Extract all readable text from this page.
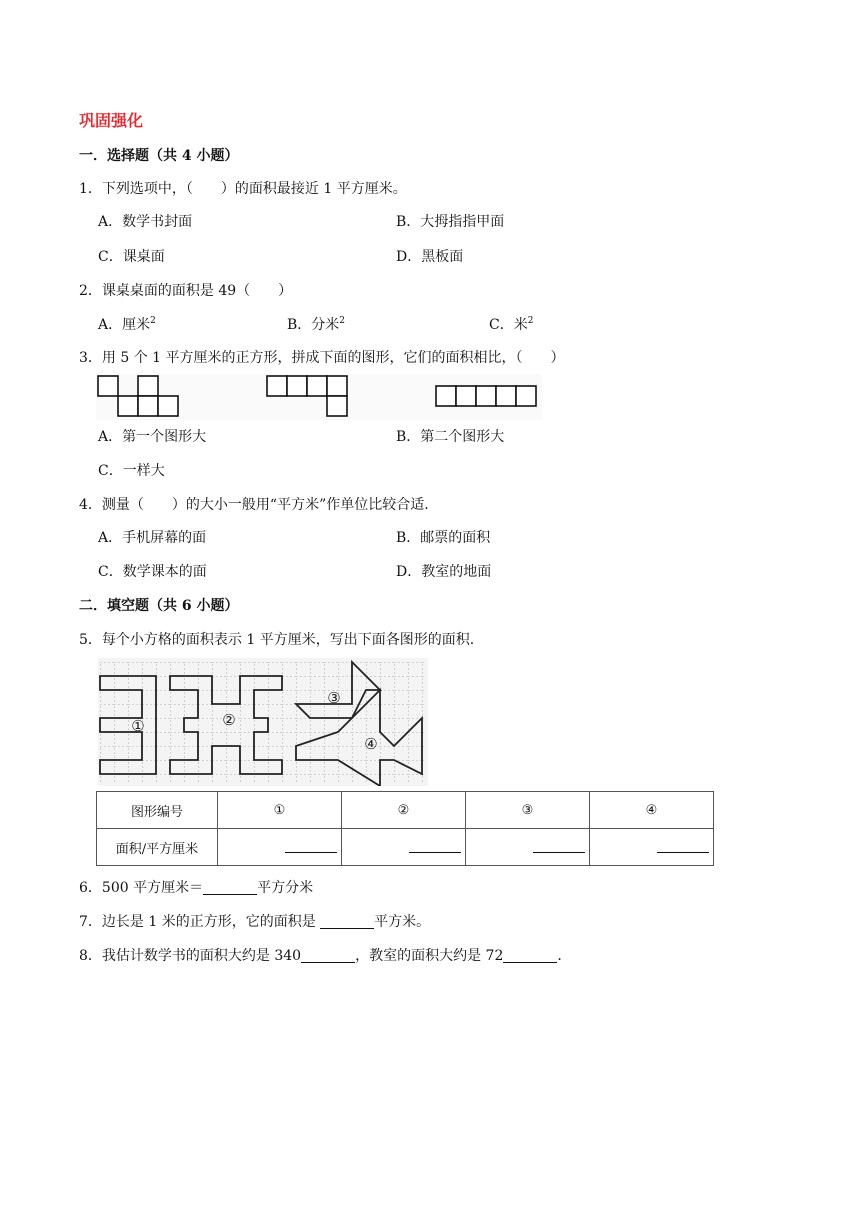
巩固强化
一．选择题（共 4 小题）
1．下列选项中，（　　）的面积最接近 1 平方厘米。
A．数学书封面	B．大拇指指甲面
C．课桌面	D．黑板面
2．课桌桌面的面积是 49（　　）
A．厘米$^2$	B．分米$^2$	C．米$^2$
3．用 5 个 1 平方厘米的正方形，拼成下面的图形，它们的面积相比，（　　）
A．第一个图形大	B．第二个图形大
C．一样大
4．测量（　　）的大小一般用“平方米”作单位比较合适.
A．手机屏幕的面	B．邮票的面积
C．数学课本的面	D．教室的地面
二．填空题（共 6 小题）
5．每个小方格的面积表示 1 平方厘米，写出下面各图形的面积.
①	②
③
④
图形编号	①	②	③	④
面积/平方厘米				
6．500 平方厘米＝	平方分米
7．边长是 1 米的正方形，它的面积是	平方米。
8．我估计数学书的面积大约是 340	，教室的面积大约是 72	.
